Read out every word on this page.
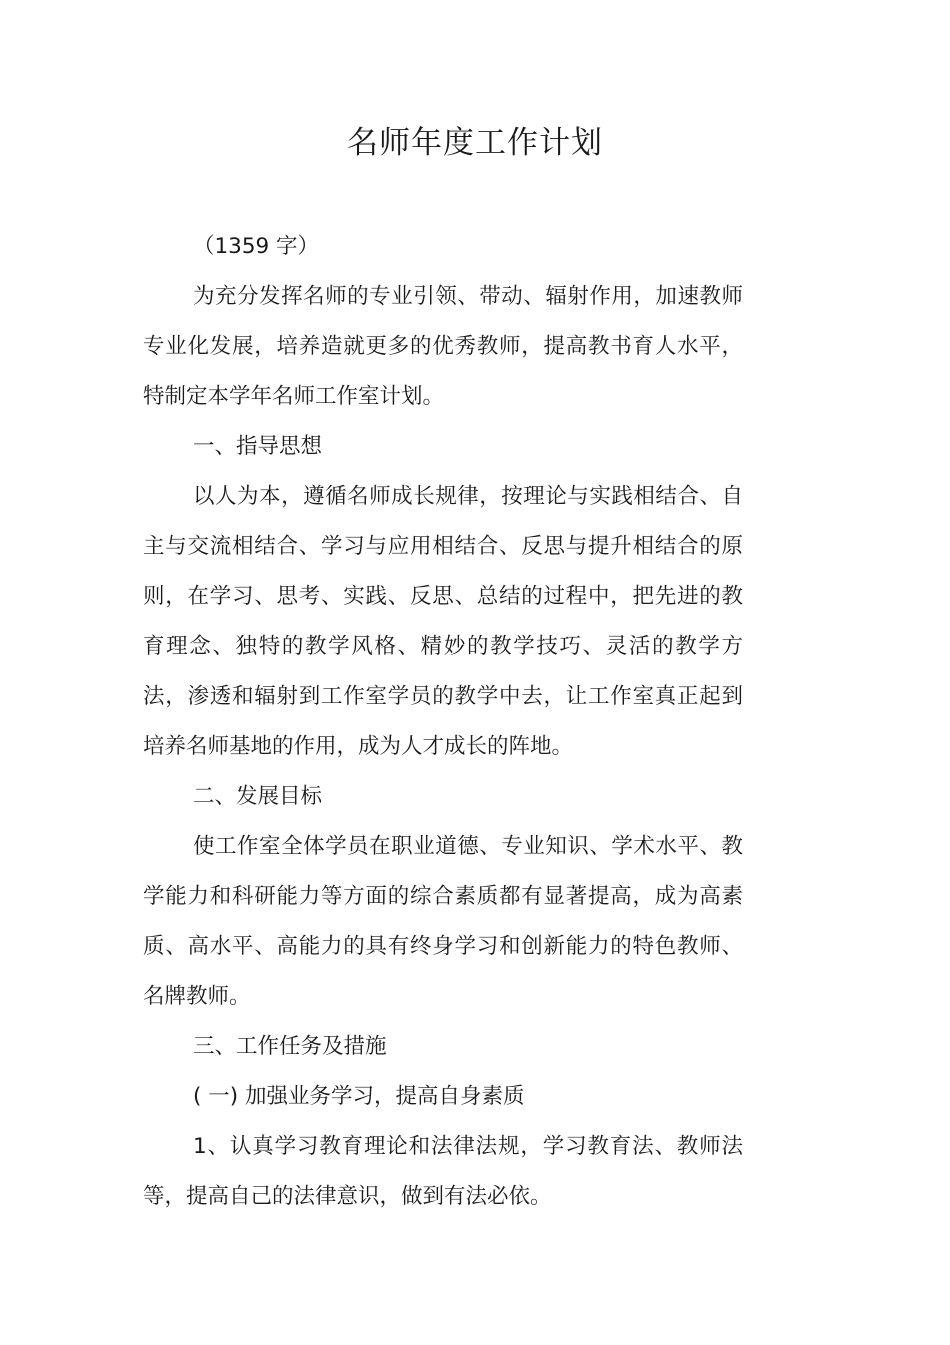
名师年度工作计划

（1359 字）

为充分发挥名师的专业引领、带动、辐射作用，加速教师专业化发展，培养造就更多的优秀教师，提高教书育人水平，特制定本学年名师工作室计划。

一、指导思想

以人为本，遵循名师成长规律，按理论与实践相结合、自主与交流相结合、学习与应用相结合、反思与提升相结合的原则，在学习、思考、实践、反思、总结的过程中，把先进的教育理念、独特的教学风格、精妙的教学技巧、灵活的教学方法，渗透和辐射到工作室学员的教学中去，让工作室真正起到培养名师基地的作用，成为人才成长的阵地。

二、发展目标

使工作室全体学员在职业道德、专业知识、学术水平、教学能力和科研能力等方面的综合素质都有显著提高，成为高素质、高水平、高能力的具有终身学习和创新能力的特色教师、名牌教师。

三、工作任务及措施

( 一) 加强业务学习，提高自身素质

1、认真学习教育理论和法律法规，学习教育法、教师法等，提高自己的法律意识，做到有法必依。
